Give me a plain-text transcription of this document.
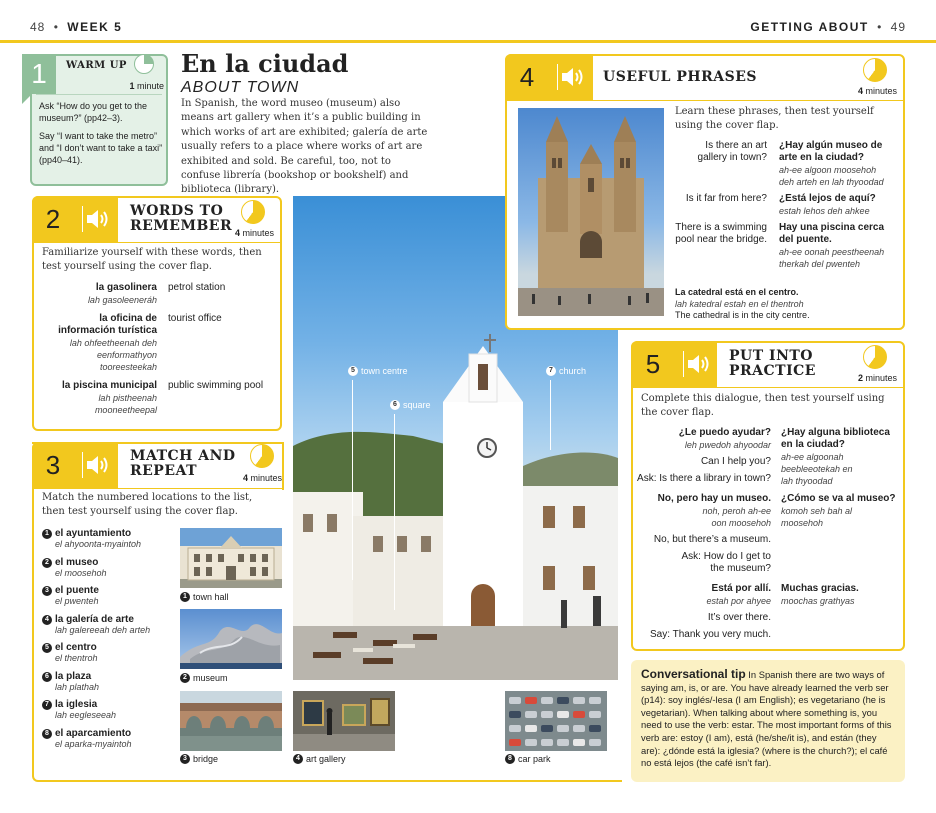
48 • WEEK 5	GETTING ABOUT • 49
1	WARM UP
1 minute
Ask “How do you get to the museum?” (pp42–3).
Say “I want to take the metro” and “I don’t want to take a taxi” (pp40–41).
En la ciudad
ABOUT TOWN
In Spanish, the word museo (museum) also means art gallery when it’s a public building in which works of art are exhibited; galería de arte usually refers to a place where works of art are exhibited and sold. Be careful, too, not to confuse librería (bookshop or bookshelf) and biblioteca (library).
2	WORDS TO
REMEMBER 4 minutes
Familiarize yourself with these words, then test yourself using the cover flap.
la gasolinera
lah gasoleeneráh
petrol station
la oficina de
información turística
lah ohfeetheenah deh
eenformathyon
tooreesteekah
tourist office
la piscina municipal
lah pistheenah
mooneetheepal
public swimming pool
3	MATCH AND
REPEAT	4 minutes
Match the numbered locations to the list, then test yourself using the cover flap.
1 el ayuntamiento
el ahyoonta-myaintoh
2 el museo
el moosehoh
3 el puente
el pwenteh
4 la galería de arte
lah galereeah deh arteh
5 el centro
el thentroh
6 la plaza
lah plathah
7 la iglesia
lah eegleseeah
8 el aparcamiento
el aparka-myaintoh
1 town hall
2 museum
3 bridge	4 art gallery	8 car park
5 town centre
6 square
7 church
4	USEFUL PHRASES
4 minutes
Learn these phrases, then test yourself using the cover flap.
Is there an art
gallery in town?
¿Hay algún museo de
arte en la ciudad?
ah-ee algoon moosehoh
deh arteh en lah thyoodad
Is it far from here? ¿Está lejos de aquí?
estah lehos deh ahkee
There is a swimming
pool near the bridge.
Hay una piscina cerca
del puente.
ah-ee oonah peestheenah
therkah del pwenteh
La catedral está en el centro.
lah katedral estah en el thentroh
The cathedral is in the city centre.
5	PUT INTO
PRACTICE	2 minutes
Complete this dialogue, then test yourself using the cover flap.
¿Le puedo ayudar?
leh pwedoh ahyoodar
Can I help you?
Ask: Is there a library in town?
¿Hay alguna biblioteca
en la ciudad?
ah-ee algoonah
beebleeotekah en
lah thyoodad
No, pero hay un museo.
noh, peroh ah-ee
oon moosehoh
No, but there’s a museum.
Ask: How do I get to
the museum?
¿Cómo se va al museo?
komoh seh bah al
moosehoh
Está por allí.
estah por ahyee
It’s over there.
Say: Thank you very much.
Muchas gracias.
moochas grathyas
Conversational tip In Spanish there are two ways of saying am, is, or are. You have already learned the verb ser (p14): soy inglés/-lesa (I am English); es vegetariano (he is vegetarian). When talking about where something is, you need to use the verb: estar. The most important forms of this verb are: estoy (I am), está (he/she/it is), and están (they are): ¿dónde está la iglesia? (where is the church?); el café no está lejos (the café isn’t far).
